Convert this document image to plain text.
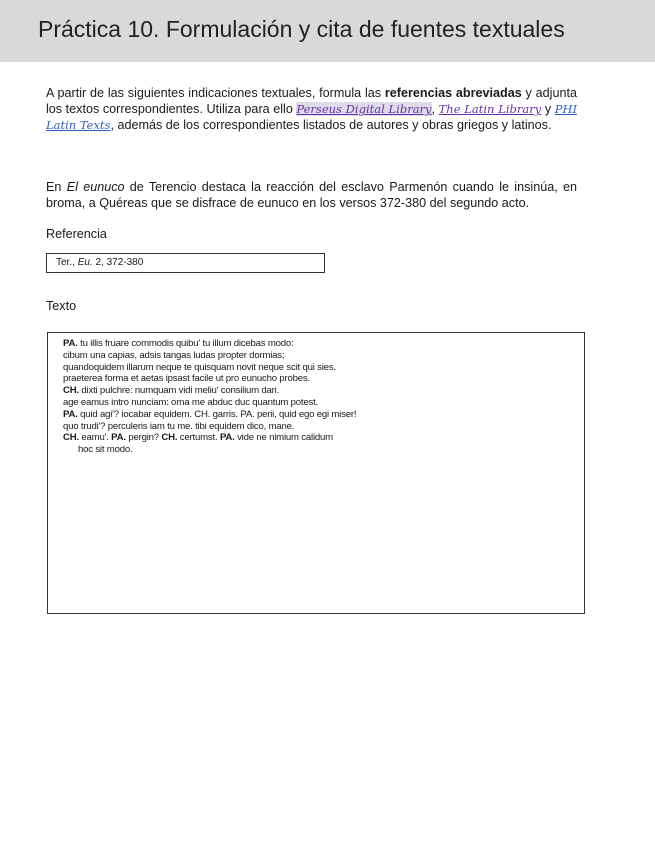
Práctica 10. Formulación y cita de fuentes textuales

A partir de las siguientes indicaciones textuales, formula las referencias abreviadas y adjunta los textos correspondientes. Utiliza para ello Perseus Digital Library, The Latin Library y PHI Latin Texts, además de los correspondientes listados de autores y obras griegos y latinos.

En El eunuco de Terencio destaca la reacción del esclavo Parmenón cuando le insinúa, en broma, a Quéreas que se disfrace de eunuco en los versos 372-380 del segundo acto.

Referencia

Ter., Eu. 2, 372-380

Texto

PA. tu illis fruare commodis quibu' tu illum dicebas modo:
cibum una capias, adsis tangas ludas propter dormias;
quandoquidem illarum neque te quisquam novit neque scit qui sies.
praeterea forma et aetas ipsast facile ut pro eunucho probes.
CH. dixti pulchre: numquam vidi meliu' consilium dari.
age eamus intro nunciam: orna me abduc duc quantum potest.
PA. quid agi'? iocabar equidem. CH. garris. PA. perii, quid ego egi miser!
quo trudi'? perculeris iam tu me. tibi equidem dico, mane.
CH. eamu'. PA. pergin? CH. certumst. PA. vide ne nimium calidum
hoc sit modo.
